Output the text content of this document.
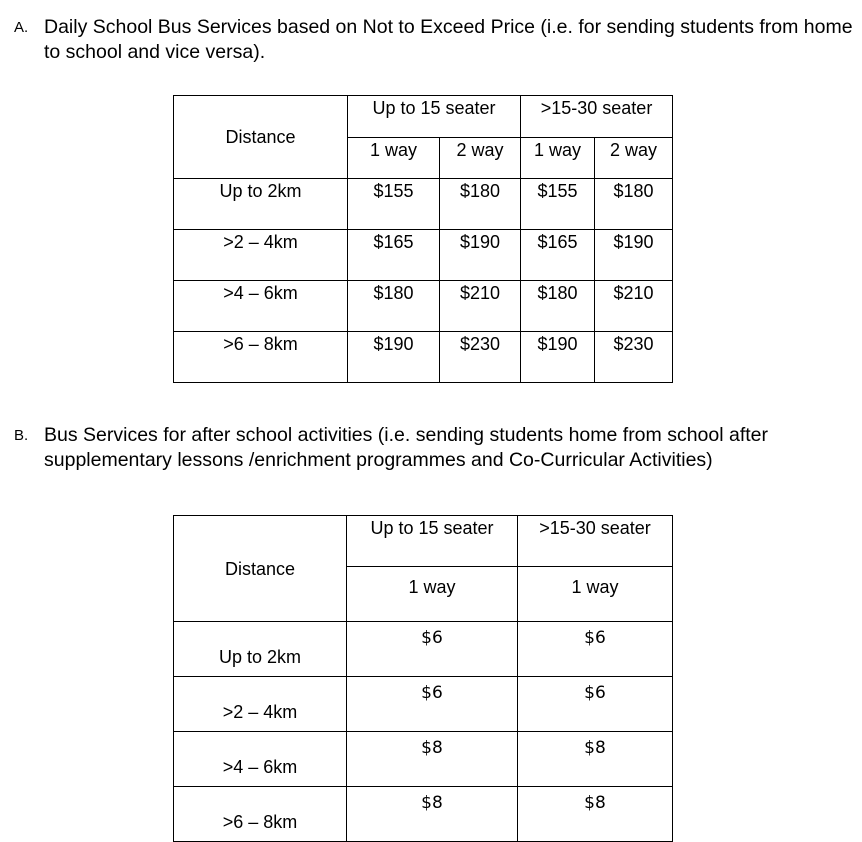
A. Daily School Bus Services based on Not to Exceed Price (i.e. for sending students from home to school and vice versa).
Distance	Up to 15 seater		>15-30 seater	
	1 way	2 way	1 way	2 way
Up to 2km	$155	$180	$155	$180
>2 – 4km	$165	$190	$165	$190
>4 – 6km	$180	$210	$180	$210
>6 – 8km	$190	$230	$190	$230
B. Bus Services for after school activities (i.e. sending students home from school after supplementary lessons /enrichment programmes and Co-Curricular Activities)
Distance	Up to 15 seater	>15-30 seater
	1 way	1 way
Up to 2km	$6	$6
>2 – 4km	$6	$6
>4 – 6km	$8	$8
>6 – 8km	$8	$8
